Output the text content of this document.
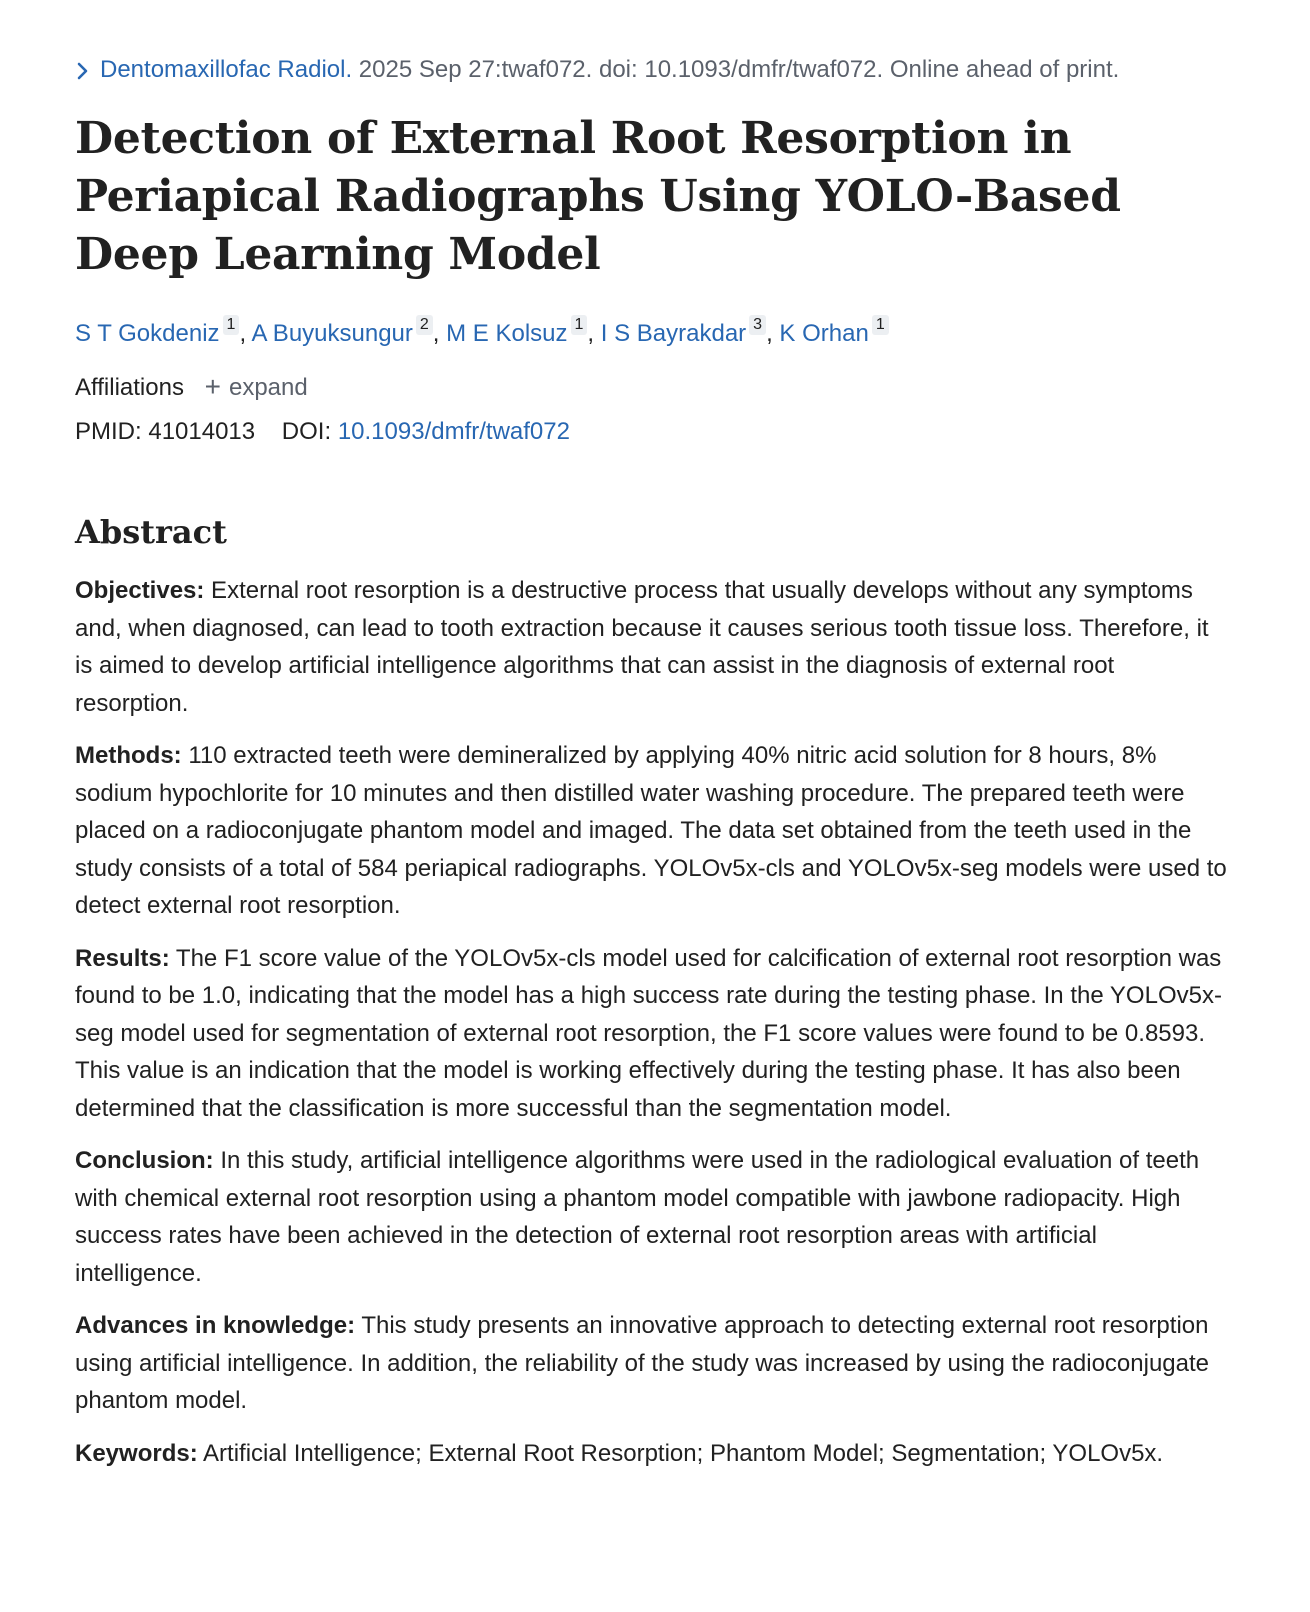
Dentomaxillofac Radiol. 2025 Sep 27:twaf072. doi: 10.1093/dmfr/twaf072. Online ahead of print.
Detection of External Root Resorption in Periapical Radiographs Using YOLO-Based Deep Learning Model
S T Gokdeniz $^1$ , A Buyuksungur $^2$ , M E Kolsuz $^1$ , I S Bayrakdar $^3$ , K Orhan $^1$
Affiliations + expand
PMID: 41014013 DOI: 10.1093/dmfr/twaf072
Abstract

Objectives: External root resorption is a destructive process that usually develops without any symptoms and, when diagnosed, can lead to tooth extraction because it causes serious tooth tissue loss. Therefore, it is aimed to develop artificial intelligence algorithms that can assist in the diagnosis of external root resorption.

Methods: 110 extracted teeth were demineralized by applying 40% nitric acid solution for 8 hours, 8% sodium hypochlorite for 10 minutes and then distilled water washing procedure. The prepared teeth were placed on a radioconjugate phantom model and imaged. The data set obtained from the teeth used in the study consists of a total of 584 periapical radiographs. YOLOv5x-cls and YOLOv5x-seg models were used to detect external root resorption.

Results: The F1 score value of the YOLOv5x-cls model used for calcification of external root resorption was found to be 1.0, indicating that the model has a high success rate during the testing phase. In the YOLOv5x-seg model used for segmentation of external root resorption, the F1 score values were found to be 0.8593. This value is an indication that the model is working effectively during the testing phase. It has also been determined that the classification is more successful than the segmentation model.

Conclusion: In this study, artificial intelligence algorithms were used in the radiological evaluation of teeth with chemical external root resorption using a phantom model compatible with jawbone radiopacity. High success rates have been achieved in the detection of external root resorption areas with artificial intelligence.

Advances in knowledge: This study presents an innovative approach to detecting external root resorption using artificial intelligence. In addition, the reliability of the study was increased by using the radioconjugate phantom model.

Keywords: Artificial Intelligence; External Root Resorption; Phantom Model; Segmentation; YOLOv5x.
